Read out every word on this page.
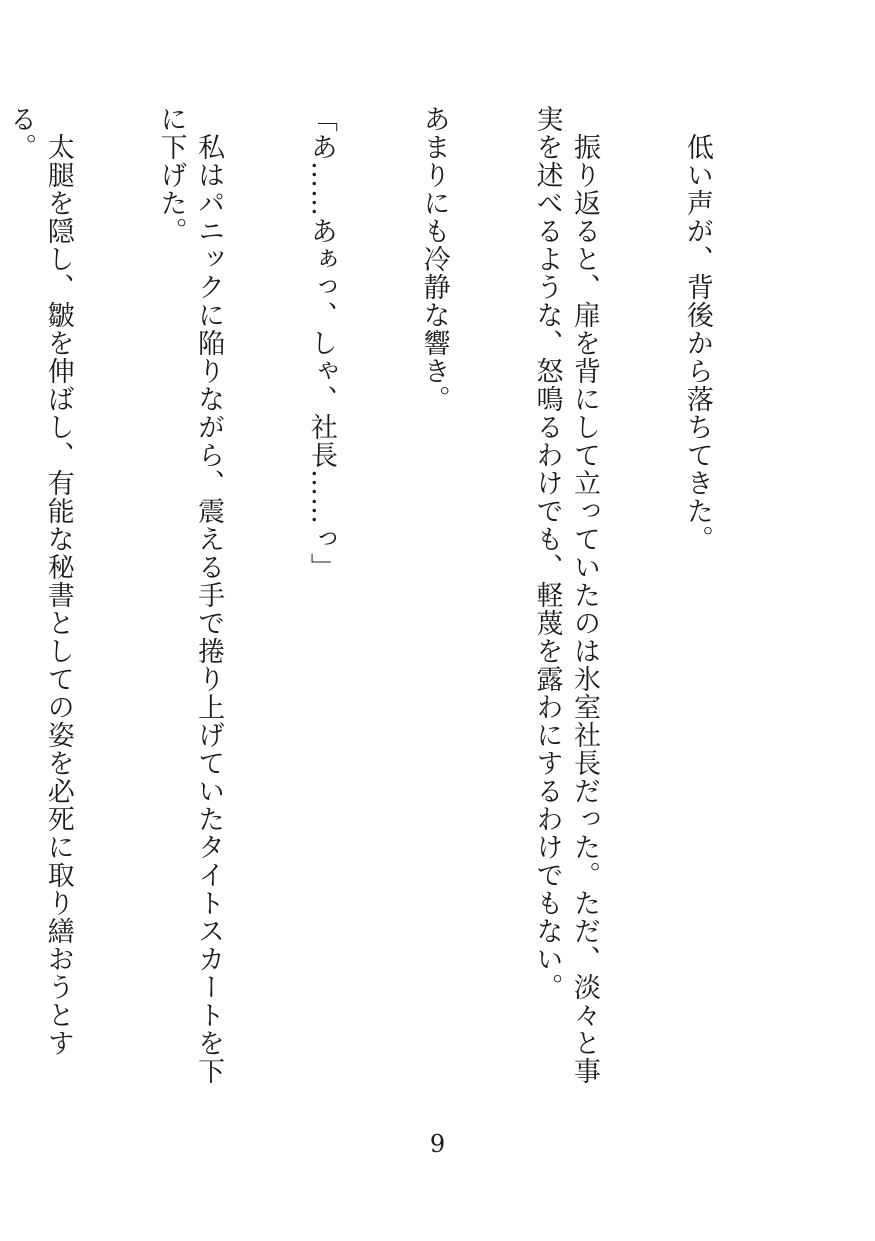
　低い声が、背後から落ちてきた。

　振り返ると、扉を背にして立っていたのは氷室社長だった。ただ、淡々と事実を述べるような、怒鳴るわけでも、軽蔑を露わにするわけでもない。

あまりにも冷静な響き。

「あ……あぁっ、しゃ、社長……っ」

　私はパニックに陥りながら、震える手で捲り上げていたタイトスカートを下に下げた。

　太腿を隠し、皺を伸ばし、有能な秘書としての姿を必死に取り繕おうとする。

9
